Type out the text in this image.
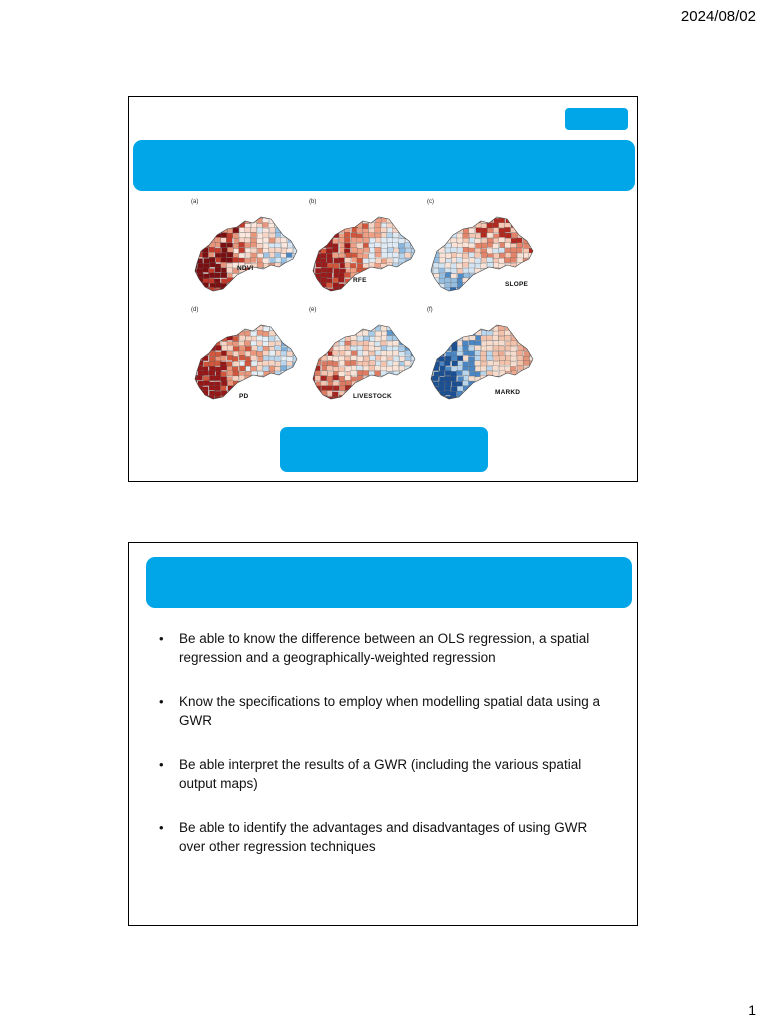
2024/08/02
(a)
NDVI
(b)
RFE
(c)
SLOPE
(d)
PD
(e)
LIVESTOCK
(f)
MARKD
• Be able to know the difference between an OLS regression, a spatial regression and a geographically-weighted regression
• Know the specifications to employ when modelling spatial data using a GWR
• Be able interpret the results of a GWR (including the various spatial output maps)
• Be able to identify the advantages and disadvantages of using GWR over other regression techniques
1
